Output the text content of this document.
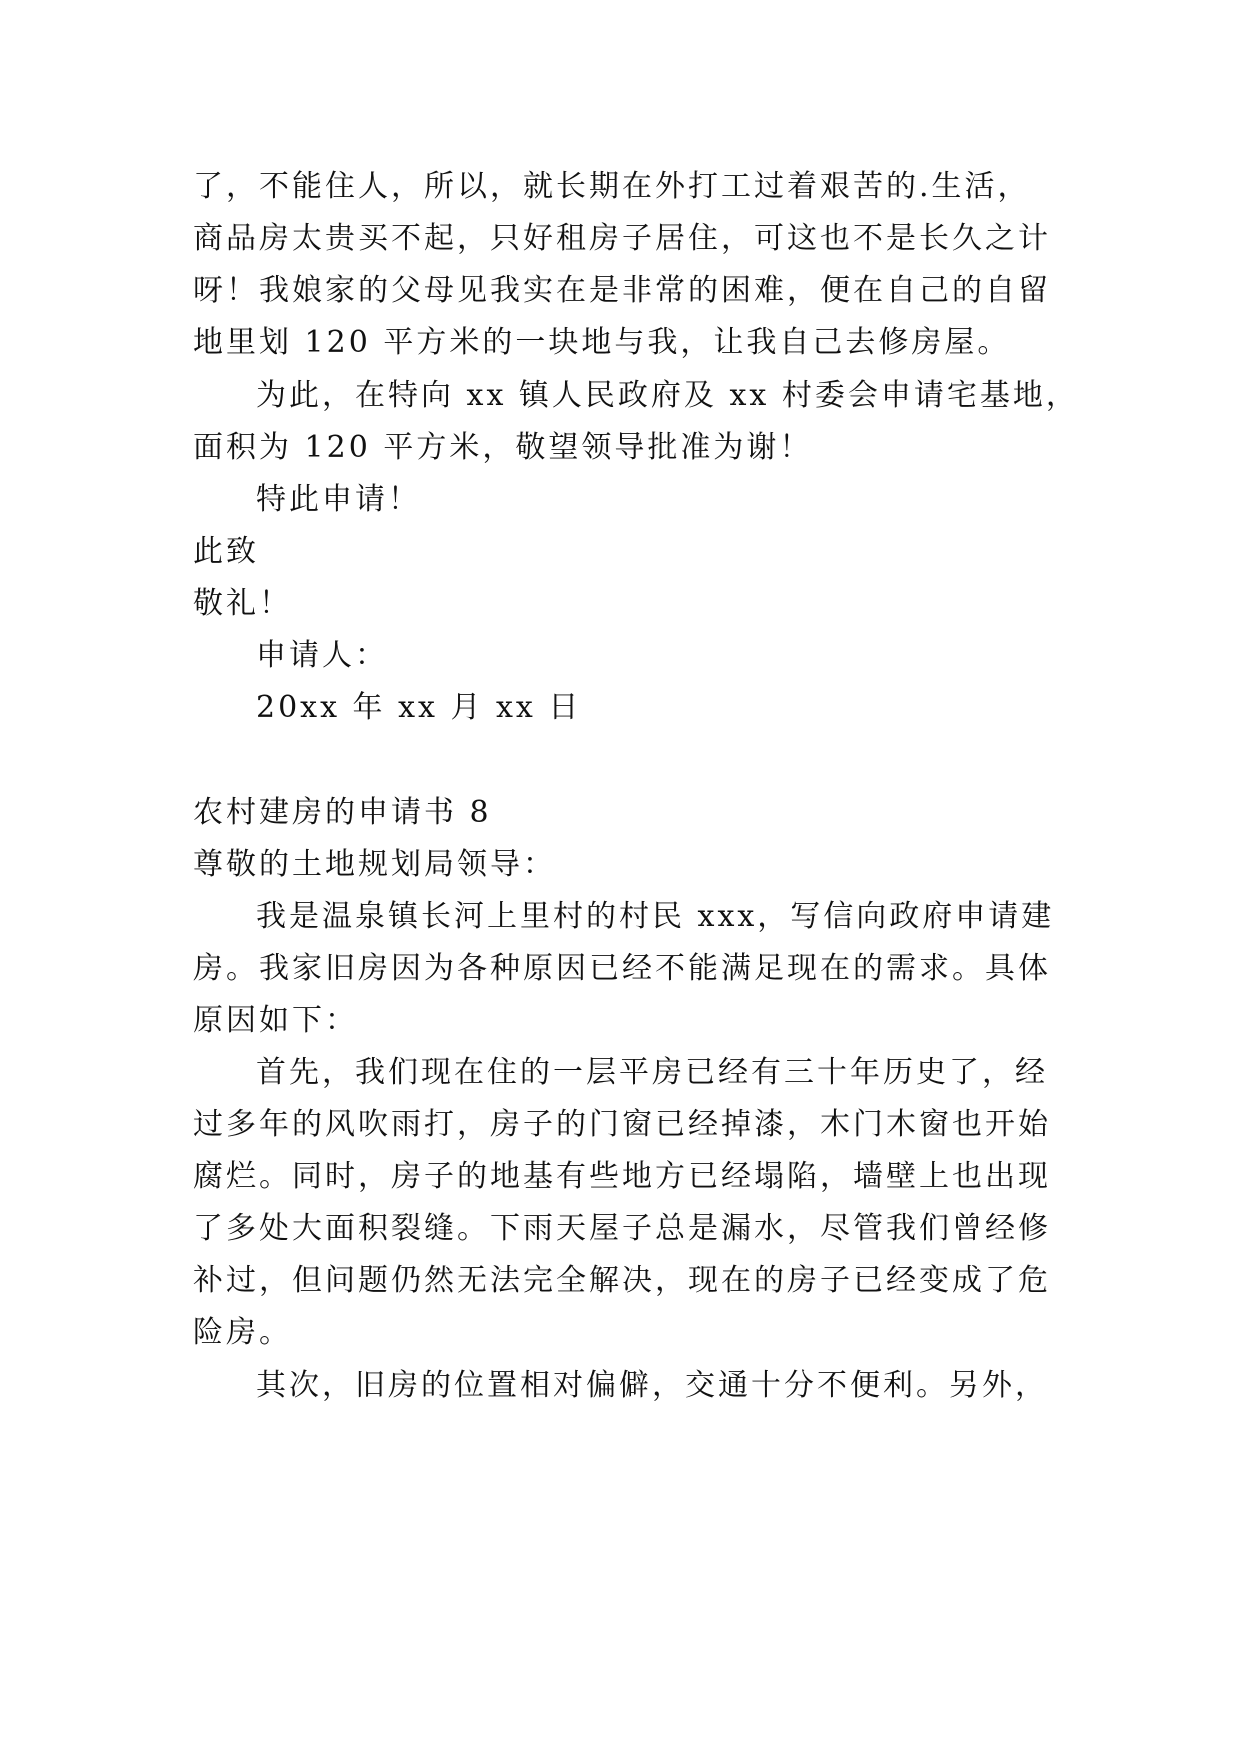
了，不能住人，所以，就长期在外打工过着艰苦的.生活，
商品房太贵买不起，只好租房子居住，可这也不是长久之计
呀！我娘家的父母见我实在是非常的困难，便在自己的自留
地里划 120 平方米的一块地与我，让我自己去修房屋。
为此，在特向 xx 镇人民政府及 xx 村委会申请宅基地，
面积为 120 平方米，敬望领导批准为谢！
特此申请！
此致
敬礼！
申请人：
20xx 年 xx 月 xx 日
农村建房的申请书 8
尊敬的土地规划局领导：
我是温泉镇长河上里村的村民 xxx，写信向政府申请建
房。我家旧房因为各种原因已经不能满足现在的需求。具体
原因如下：
首先，我们现在住的一层平房已经有三十年历史了，经
过多年的风吹雨打，房子的门窗已经掉漆，木门木窗也开始
腐烂。同时，房子的地基有些地方已经塌陷，墙壁上也出现
了多处大面积裂缝。下雨天屋子总是漏水，尽管我们曾经修
补过，但问题仍然无法完全解决，现在的房子已经变成了危
险房。
其次，旧房的位置相对偏僻，交通十分不便利。另外，
